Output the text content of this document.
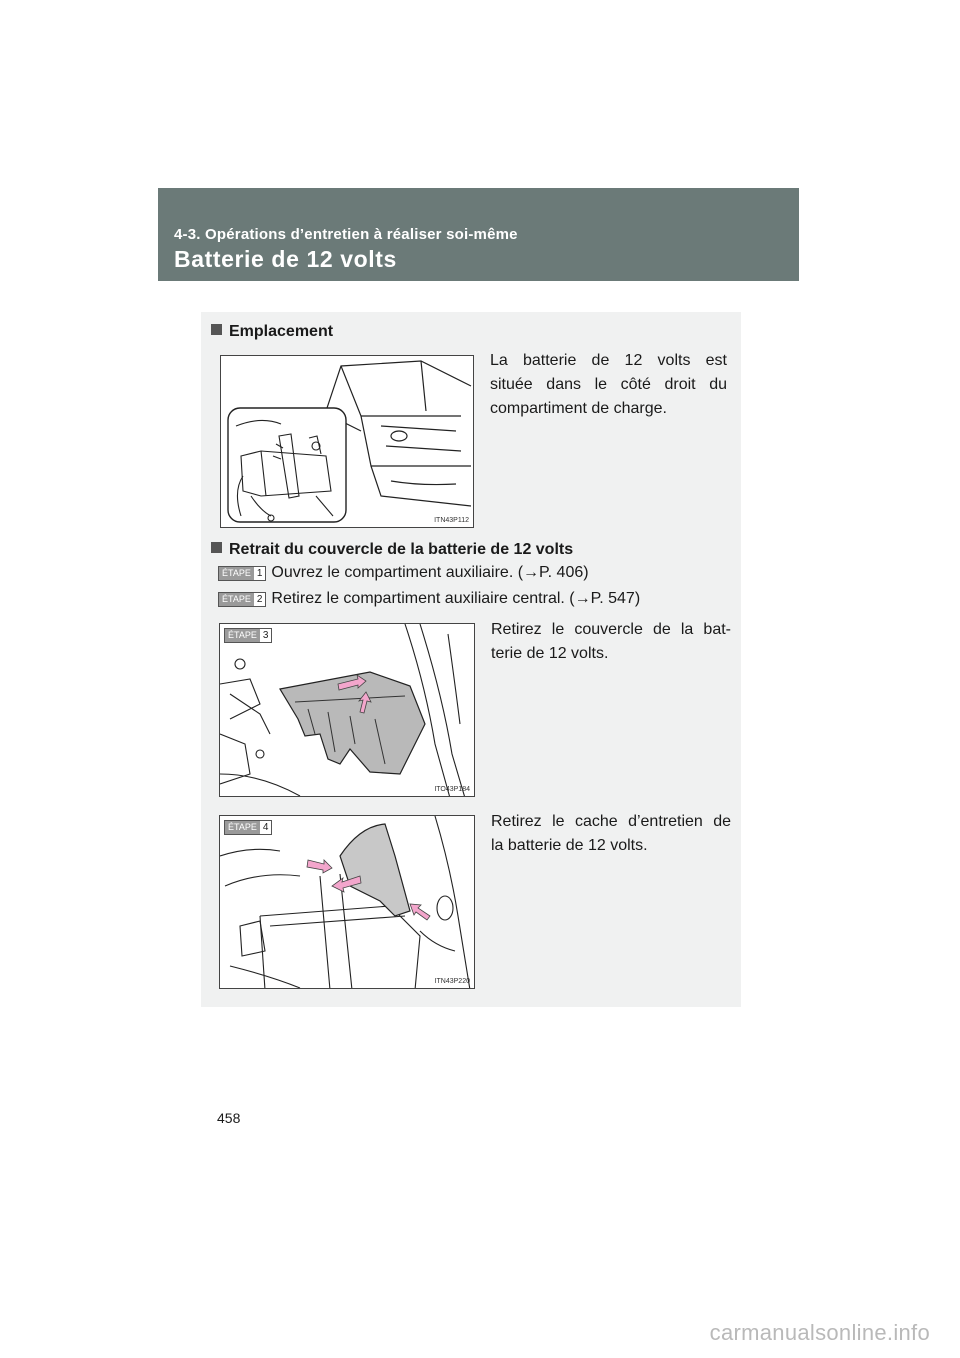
4-3. Opérations d’entretien à réaliser soi-même
Batterie de 12 volts
Emplacement
ITN43P112
La batterie de 12 volts est
située dans le côté droit du
compartiment de charge.
Retrait du couvercle de la batterie de 12 volts
ÉTAPE 1 Ouvrez le compartiment auxiliaire. (→P. 406)
ÉTAPE 2 Retirez le compartiment auxiliaire central. (→P. 547)
ÉTAPE 3
ITO43P184
Retirez le couvercle de la bat-
terie de 12 volts.
ÉTAPE 4
ITN43P220
Retirez le cache d’entretien de
la batterie de 12 volts.
458
carmanualsonline.info
